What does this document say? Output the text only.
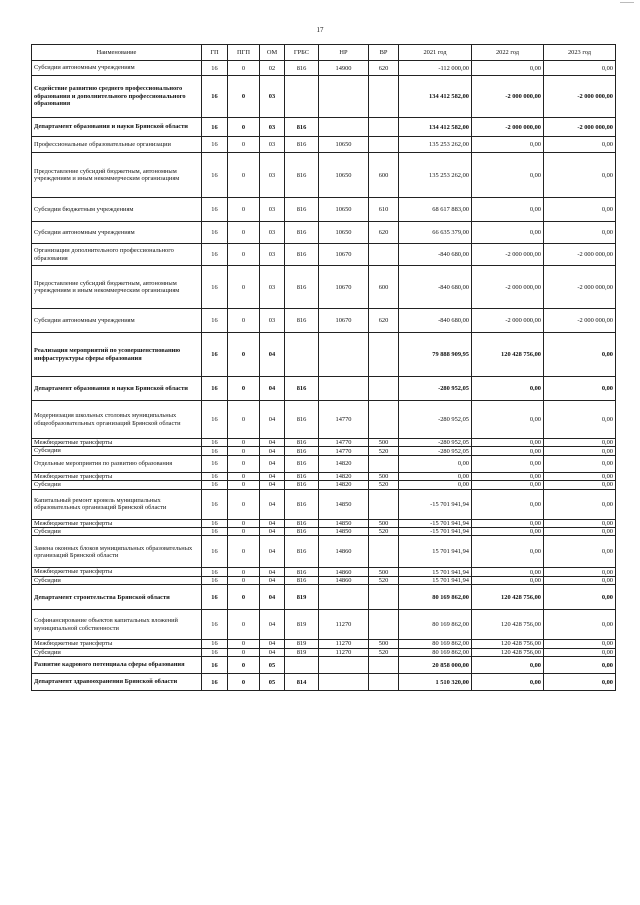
17
Наименование	ГП	ПГП	ОМ	ГРБС	НР	ВР	2021 год	2022 год	2023 год
Субсидии автономным учреждениям	16	0	02	816	14900	620	-112 000,00	0,00	0,00
Содействие развитию среднего профессионального образования и дополнительного профессионального образования	16	0	03				134 412 582,00	-2 000 000,00	-2 000 000,00
Департамент образования и науки Брянской области	16	0	03	816			134 412 582,00	-2 000 000,00	-2 000 000,00
Профессиональные образовательные организации	16	0	03	816	10650		135 253 262,00	0,00	0,00
Предоставление субсидий бюджетным, автономным учреждениям и иным некоммерческим организациям	16	0	03	816	10650	600	135 253 262,00	0,00	0,00
Субсидии бюджетным учреждениям	16	0	03	816	10650	610	68 617 883,00	0,00	0,00
Субсидии автономным учреждениям	16	0	03	816	10650	620	66 635 379,00	0,00	0,00
Организации дополнительного профессионального образования	16	0	03	816	10670		-840 680,00	-2 000 000,00	-2 000 000,00
Предоставление субсидий бюджетным, автономным учреждениям и иным некоммерческим организациям	16	0	03	816	10670	600	-840 680,00	-2 000 000,00	-2 000 000,00
Субсидии автономным учреждениям	16	0	03	816	10670	620	-840 680,00	-2 000 000,00	-2 000 000,00
Реализация мероприятий по усовершенствованию инфраструктуры сферы образования	16	0	04				79 888 909,95	120 428 756,00	0,00
Департамент образования и науки Брянской области	16	0	04	816			-280 952,05	0,00	0,00
Модернизация школьных столовых муниципальных общеобразовательных организаций Брянской области	16	0	04	816	14770		-280 952,05	0,00	0,00
Межбюджетные трансферты	16	0	04	816	14770	500	-280 952,05	0,00	0,00
Субсидии	16	0	04	816	14770	520	-280 952,05	0,00	0,00
Отдельные мероприятия по развитию образования	16	0	04	816	14820		0,00	0,00	0,00
Межбюджетные трансферты	16	0	04	816	14820	500	0,00	0,00	0,00
Субсидии	16	0	04	816	14820	520	0,00	0,00	0,00
Капитальный ремонт кровель муниципальных образовательных организаций Брянской области	16	0	04	816	14850		-15 701 941,94	0,00	0,00
Межбюджетные трансферты	16	0	04	816	14850	500	-15 701 941,94	0,00	0,00
Субсидии	16	0	04	816	14850	520	-15 701 941,94	0,00	0,00
Замена оконных блоков муниципальных образовательных организаций Брянской области	16	0	04	816	14860		15 701 941,94	0,00	0,00
Межбюджетные трансферты	16	0	04	816	14860	500	15 701 941,94	0,00	0,00
Субсидии	16	0	04	816	14860	520	15 701 941,94	0,00	0,00
Департамент строительства Брянской области	16	0	04	819			80 169 862,00	120 428 756,00	0,00
Софинансирование объектов капитальных вложений муниципальной собственности	16	0	04	819	11270		80 169 862,00	120 428 756,00	0,00
Межбюджетные трансферты	16	0	04	819	11270	500	80 169 862,00	120 428 756,00	0,00
Субсидии	16	0	04	819	11270	520	80 169 862,00	120 428 756,00	0,00
Развитие кадрового потенциала сферы образования	16	0	05				20 858 000,00	0,00	0,00
Департамент здравоохранения Брянской области	16	0	05	814			1 510 320,00	0,00	0,00
